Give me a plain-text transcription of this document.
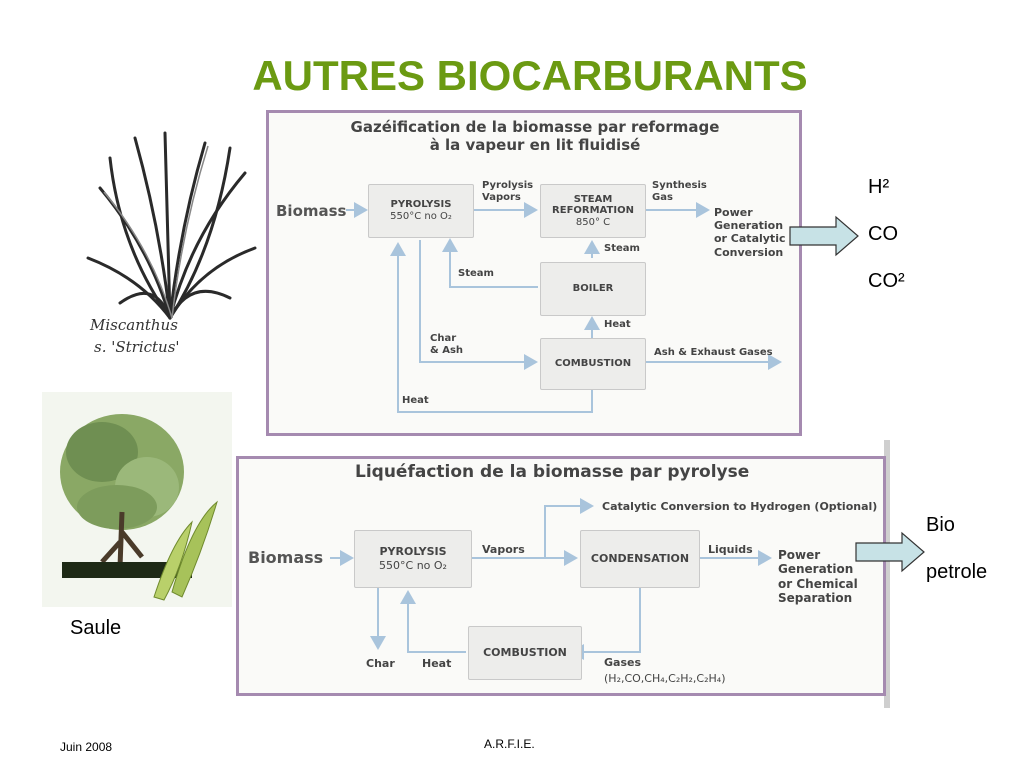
AUTRES BIOCARBURANTS
Miscanthus
s. 'Strictus'
Saule
Gazéification de la biomasse par reformage
à la vapeur en lit fluidisé
Biomass	PYROLYSIS
550°C no O₂
Pyrolysis
Vapors	STEAM
REFORMATION
850° C
Synthesis
Gas
Power
Generation
or Catalytic
Conversion
Steam
Steam
BOILER
Heat
Char
& Ash
COMBUSTION
Ash & Exhaust Gases
Heat
H²
CO
CO²
Liquéfaction de la biomasse par pyrolyse
Biomass	PYROLYSIS
550°C no O₂
Vapors
CONDENSATION
Catalytic Conversion to Hydrogen (Optional)
Liquids Power
Generation
or Chemical
Separation
COMBUSTION
Char Heat	Gases
(H₂,CO,CH₄,C₂H₂,C₂H₄)
Bio
petrole
Juin 2008	A.R.F.I.E.
